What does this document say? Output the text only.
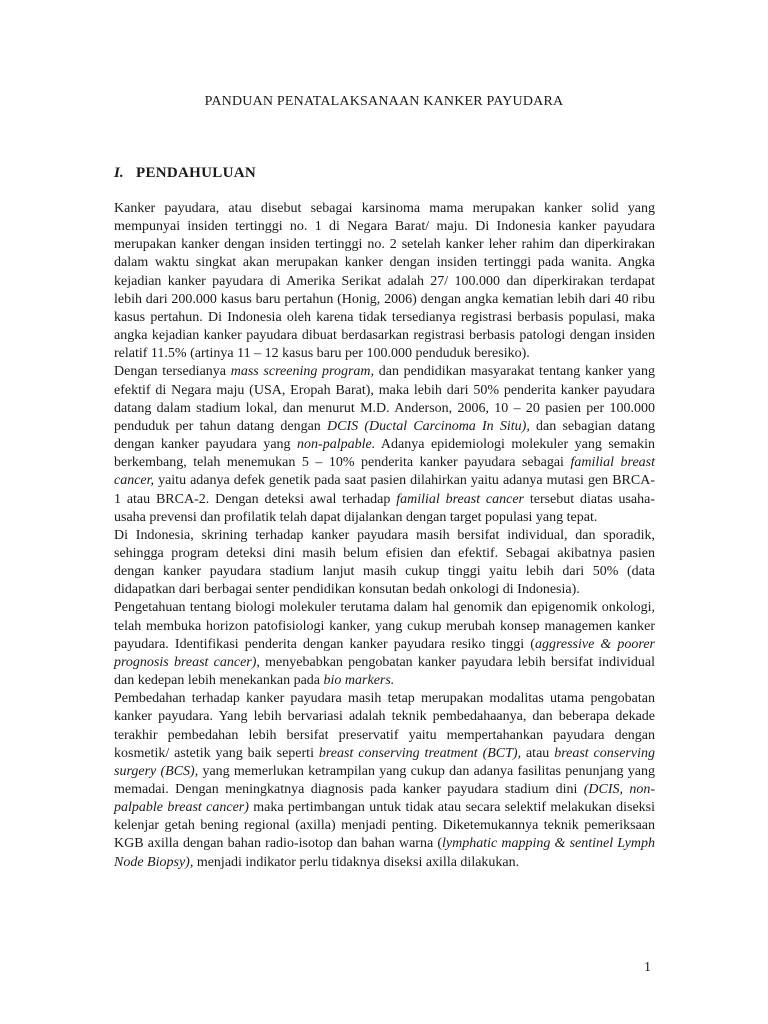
PANDUAN PENATALAKSANAAN KANKER PAYUDARA
I. PENDAHULUAN

Kanker payudara, atau disebut sebagai karsinoma mama merupakan kanker solid yang mempunyai insiden tertinggi no. 1 di Negara Barat/ maju. Di Indonesia kanker payudara merupakan kanker dengan insiden tertinggi no. 2 setelah kanker leher rahim dan diperkirakan dalam waktu singkat akan merupakan kanker dengan insiden tertinggi pada wanita. Angka kejadian kanker payudara di Amerika Serikat adalah 27/ 100.000 dan diperkirakan terdapat lebih dari 200.000 kasus baru pertahun (Honig, 2006) dengan angka kematian lebih dari 40 ribu kasus pertahun. Di Indonesia oleh karena tidak tersedianya registrasi berbasis populasi, maka angka kejadian kanker payudara dibuat berdasarkan registrasi berbasis patologi dengan insiden relatif 11.5% (artinya 11 – 12 kasus baru per 100.000 penduduk beresiko).

Dengan tersedianya mass screening program, dan pendidikan masyarakat tentang kanker yang efektif di Negara maju (USA, Eropah Barat), maka lebih dari 50% penderita kanker payudara datang dalam stadium lokal, dan menurut M.D. Anderson, 2006, 10 – 20 pasien per 100.000 penduduk per tahun datang dengan DCIS (Ductal Carcinoma In Situ), dan sebagian datang dengan kanker payudara yang non-palpable. Adanya epidemiologi molekuler yang semakin berkembang, telah menemukan 5 – 10% penderita kanker payudara sebagai familial breast cancer, yaitu adanya defek genetik pada saat pasien dilahirkan yaitu adanya mutasi gen BRCA-1 atau BRCA-2. Dengan deteksi awal terhadap familial breast cancer tersebut diatas usaha-usaha prevensi dan profilatik telah dapat dijalankan dengan target populasi yang tepat.

Di Indonesia, skrining terhadap kanker payudara masih bersifat individual, dan sporadik, sehingga program deteksi dini masih belum efisien dan efektif. Sebagai akibatnya pasien dengan kanker payudara stadium lanjut masih cukup tinggi yaitu lebih dari 50% (data didapatkan dari berbagai senter pendidikan konsutan bedah onkologi di Indonesia).

Pengetahuan tentang biologi molekuler terutama dalam hal genomik dan epigenomik onkologi, telah membuka horizon patofisiologi kanker, yang cukup merubah konsep managemen kanker payudara. Identifikasi penderita dengan kanker payudara resiko tinggi (aggressive & poorer prognosis breast cancer), menyebabkan pengobatan kanker payudara lebih bersifat individual dan kedepan lebih menekankan pada bio markers.

Pembedahan terhadap kanker payudara masih tetap merupakan modalitas utama pengobatan kanker payudara. Yang lebih bervariasi adalah teknik pembedahaanya, dan beberapa dekade terakhir pembedahan lebih bersifat preservatif yaitu mempertahankan payudara dengan kosmetik/ astetik yang baik seperti breast conserving treatment (BCT), atau breast conserving surgery (BCS), yang memerlukan ketrampilan yang cukup dan adanya fasilitas penunjang yang memadai. Dengan meningkatnya diagnosis pada kanker payudara stadium dini (DCIS, non-palpable breast cancer) maka pertimbangan untuk tidak atau secara selektif melakukan diseksi kelenjar getah bening regional (axilla) menjadi penting. Diketemukannya teknik pemeriksaan KGB axilla dengan bahan radio-isotop dan bahan warna (lymphatic mapping & sentinel Lymph Node Biopsy), menjadi indikator perlu tidaknya diseksi axilla dilakukan.

1
